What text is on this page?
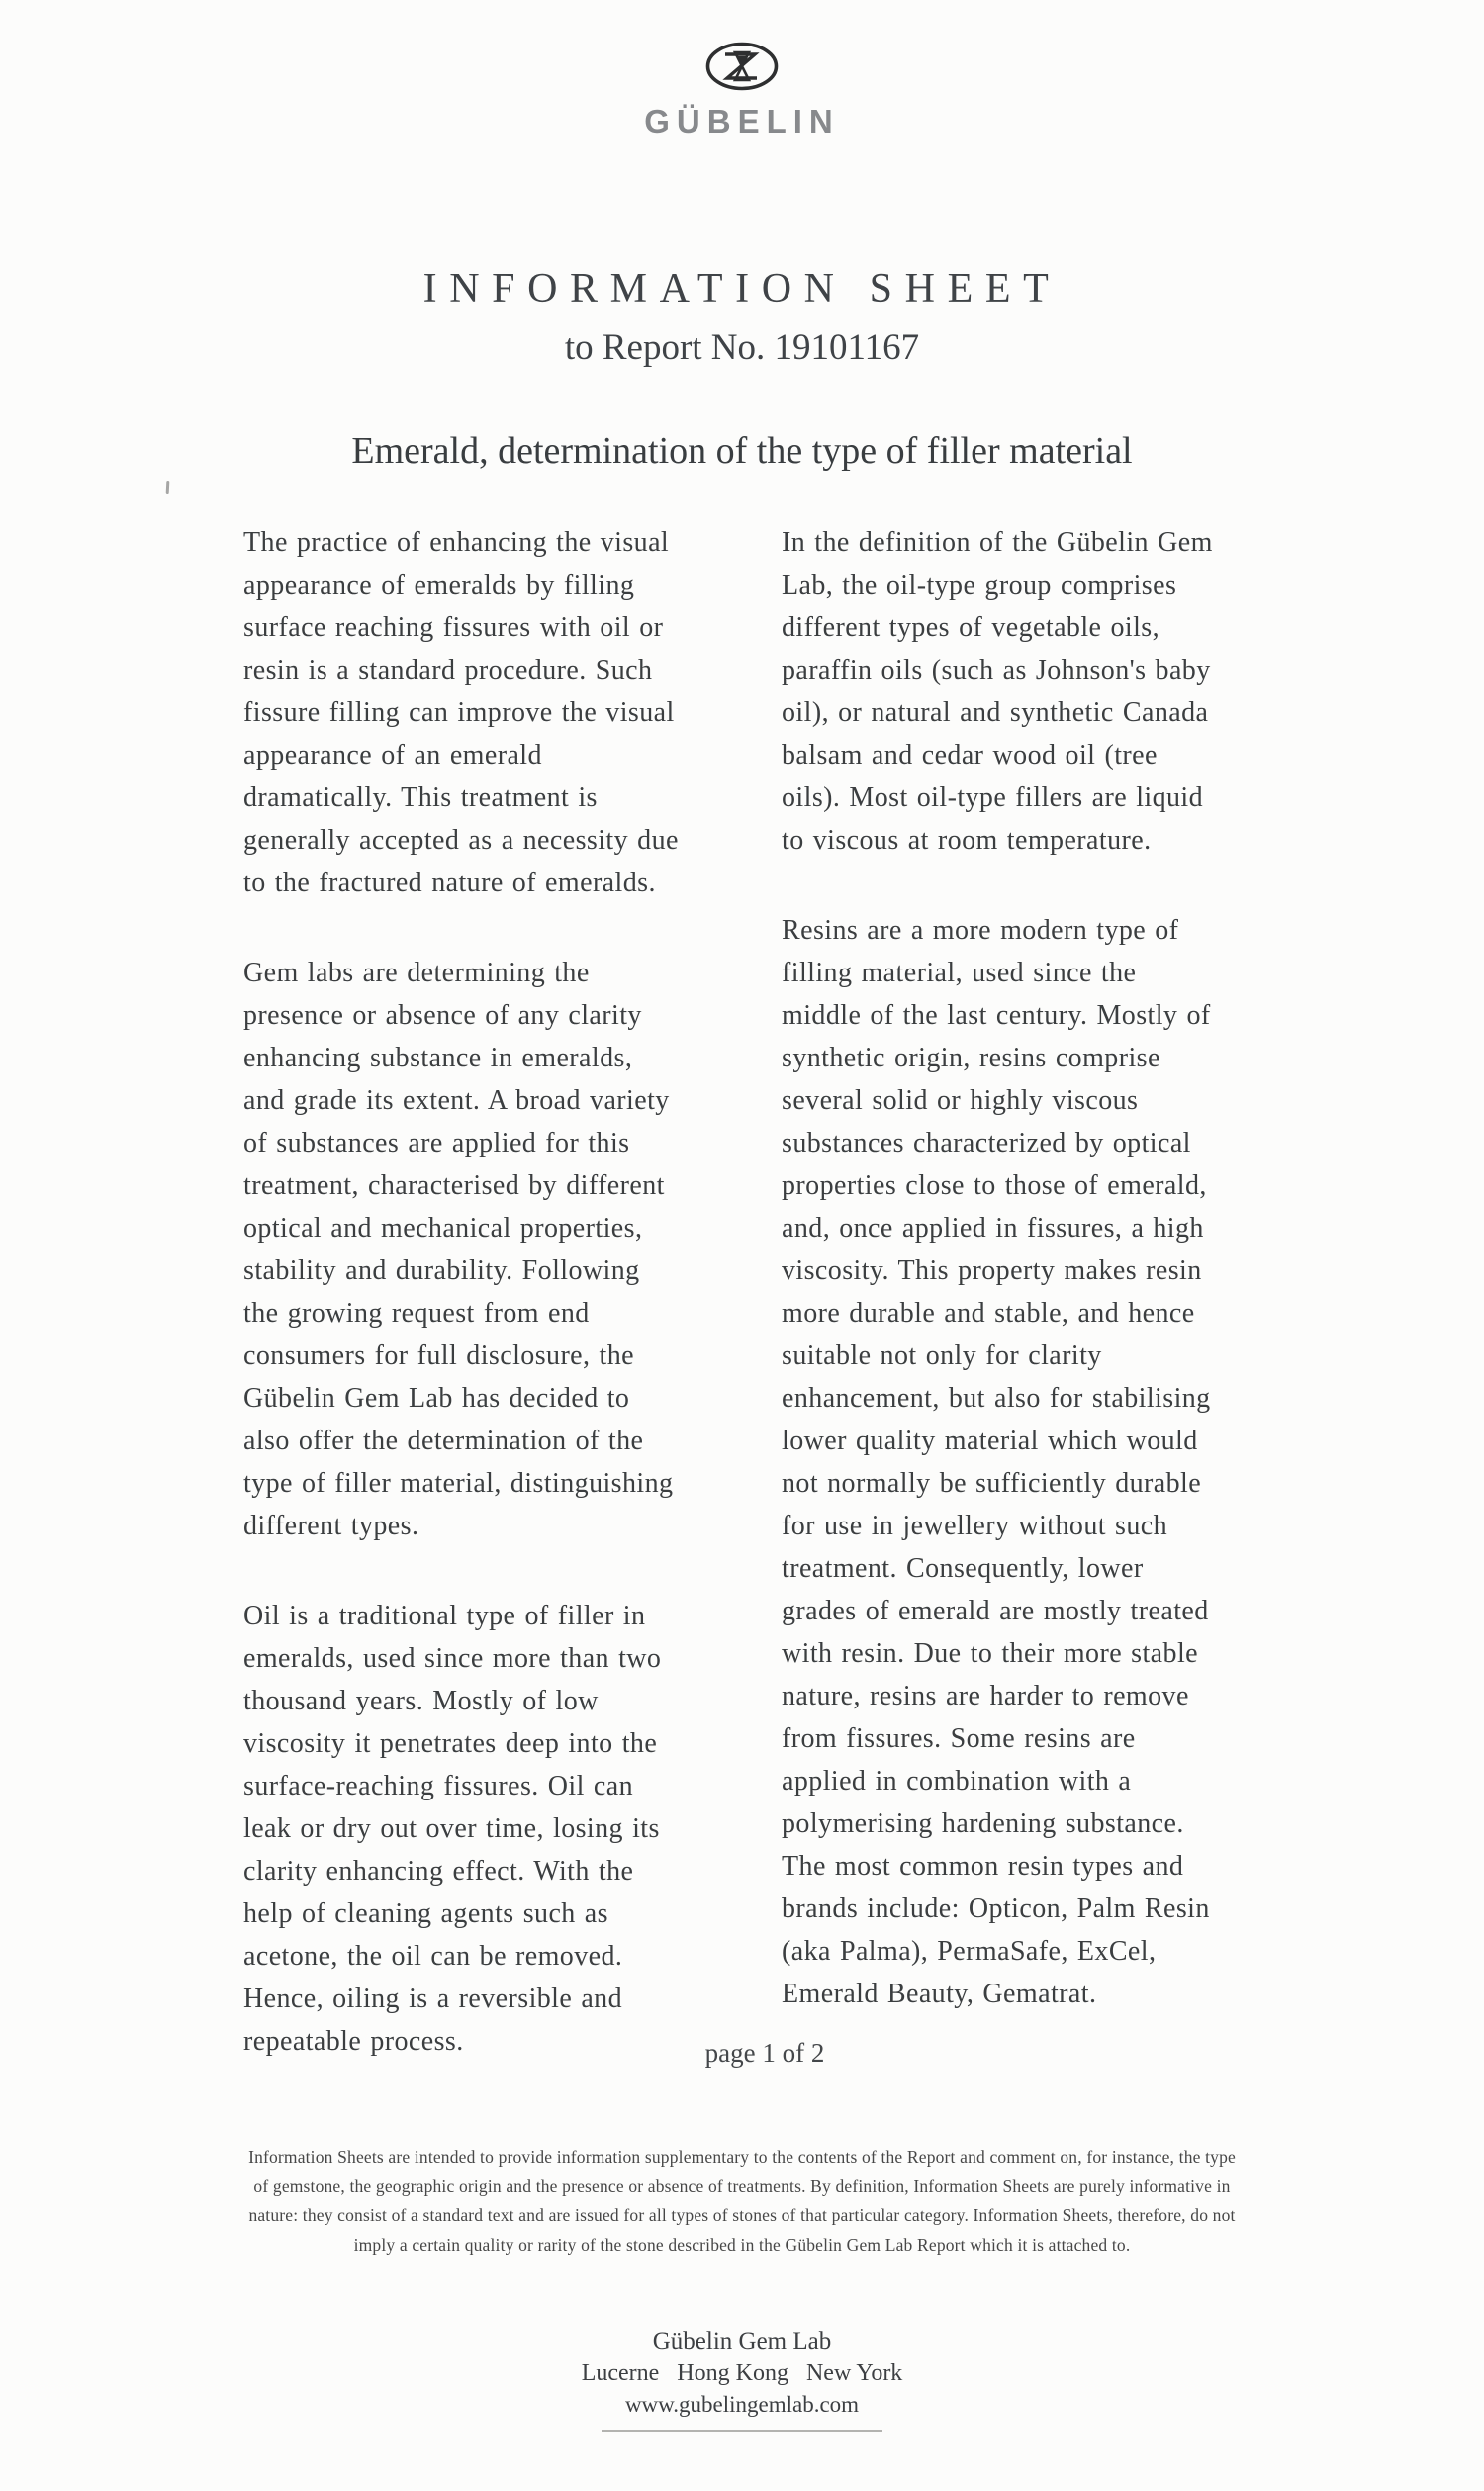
GÜBELIN
INFORMATION SHEET
to Report No. 19101167
Emerald, determination of the type of filler material
The practice of enhancing the visual
appearance of emeralds by filling
surface reaching fissures with oil or
resin is a standard procedure. Such
fissure filling can improve the visual
appearance of an emerald
dramatically. This treatment is
generally accepted as a necessity due
to the fractured nature of emeralds.
Gem labs are determining the
presence or absence of any clarity
enhancing substance in emeralds,
and grade its extent. A broad variety
of substances are applied for this
treatment, characterised by different
optical and mechanical properties,
stability and durability. Following
the growing request from end
consumers for full disclosure, the
Gübelin Gem Lab has decided to
also offer the determination of the
type of filler material, distinguishing
different types.
Oil is a traditional type of filler in
emeralds, used since more than two
thousand years. Mostly of low
viscosity it penetrates deep into the
surface-reaching fissures. Oil can
leak or dry out over time, losing its
clarity enhancing effect. With the
help of cleaning agents such as
acetone, the oil can be removed.
Hence, oiling is a reversible and
repeatable process.
In the definition of the Gübelin Gem
Lab, the oil-type group comprises
different types of vegetable oils,
paraffin oils (such as Johnson's baby
oil), or natural and synthetic Canada
balsam and cedar wood oil (tree
oils). Most oil-type fillers are liquid
to viscous at room temperature.
Resins are a more modern type of
filling material, used since the
middle of the last century. Mostly of
synthetic origin, resins comprise
several solid or highly viscous
substances characterized by optical
properties close to those of emerald,
and, once applied in fissures, a high
viscosity. This property makes resin
more durable and stable, and hence
suitable not only for clarity
enhancement, but also for stabilising
lower quality material which would
not normally be sufficiently durable
for use in jewellery without such
treatment. Consequently, lower
grades of emerald are mostly treated
with resin. Due to their more stable
nature, resins are harder to remove
from fissures. Some resins are
applied in combination with a
polymerising hardening substance.
The most common resin types and
brands include: Opticon, Palm Resin
(aka Palma), PermaSafe, ExCel,
Emerald Beauty, Gematrat.
page 1 of 2
Information Sheets are intended to provide information supplementary to the contents of the Report and comment on, for instance, the type
of gemstone, the geographic origin and the presence or absence of treatments. By definition, Information Sheets are purely informative in
nature: they consist of a standard text and are issued for all types of stones of that particular category. Information Sheets, therefore, do not
imply a certain quality or rarity of the stone described in the Gübelin Gem Lab Report which it is attached to.
Gübelin Gem Lab
Lucerne   Hong Kong   New York
www.gubelingemlab.com
